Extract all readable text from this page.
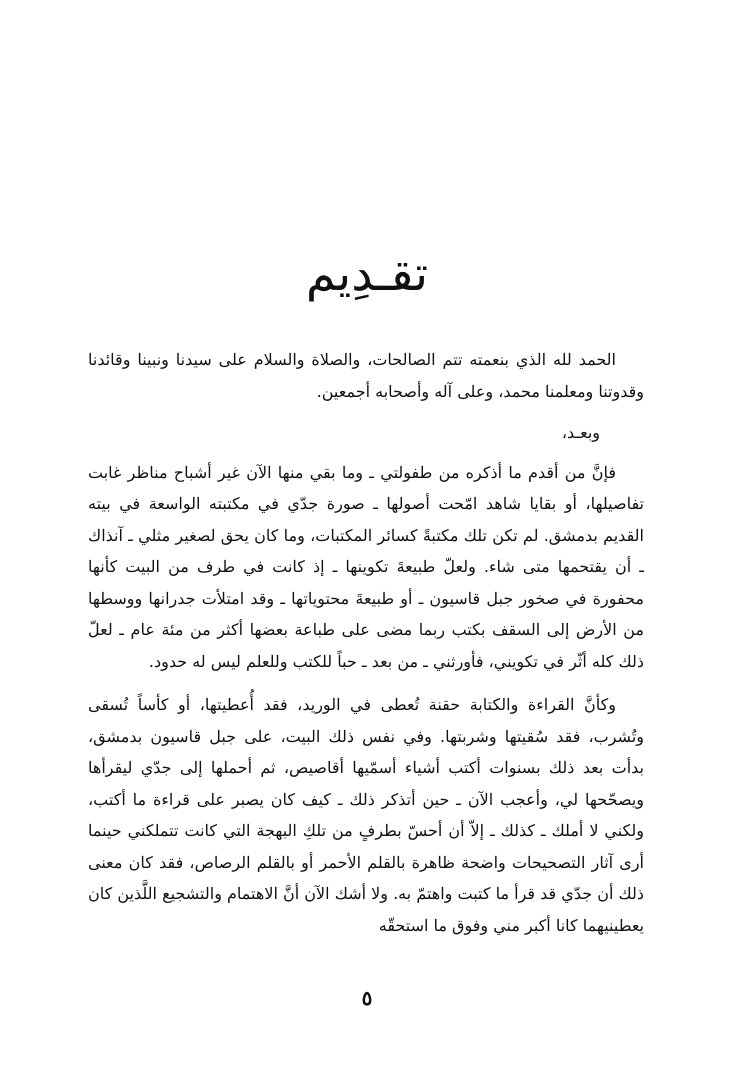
تقـدِيم

الحمد لله الذي بنعمته تتم الصالحات، والصلاة والسلام على سيدنا ونبينا وقائدنا وقدوتنا ومعلمنا محمد، وعلى آله وأصحابه أجمعين.

وبعـد،

فإنَّ من أقدم ما أذكره من طفولتي ـ وما بقي منها الآن غير أشباح مناظر غابت تفاصيلها، أو بقايا شاهد امّحت أصولها ـ صورة جدّي في مكتبته الواسعة في بيته القديم بدمشق. لم تكن تلك مكتبةً كسائر المكتبات، وما كان يحق لصغير مثلي ـ آنذاك ـ أن يقتحمها متى شاء. ولعلّ طبيعةَ تكوينها ـ إذ كانت في طرف من البيت كأنها محفورة في صخور جبل قاسيون ـ أو طبيعةَ محتوياتها ـ وقد امتلأت جدرانها ووسطها من الأرض إلى السقف بكتب ربما مضى على طباعة بعضها أكثر من مئة عام ـ لعلّ ذلك كله أثّر في تكويني، فأورثني ـ من بعد ـ حباً للكتب وللعلم ليس له حدود.

وكأنَّ القراءة والكتابة حقنة تُعطى في الوريد، فقد أُعطيتها، أو كأساً تُسقى وتُشرب، فقد سُقيتها وشربتها. وفي نفس ذلك البيت، على جبل قاسيون بدمشق، بدأت بعد ذلك بسنوات أكتب أشياء أسمّيها أقاصيص، ثم أحملها إلى جدّي ليقرأها ويصحّحها لي، وأعجب الآن ـ حين أتذكر ذلك ـ كيف كان يصبر على قراءة ما أكتب، ولكني لا أملك ـ كذلك ـ إلاّ أن أحسّ بطرفٍ من تلكِ البهجة التي كانت تتملكني حينما أرى آثار التصحيحات واضحة ظاهرة بالقلم الأحمر أو بالقلم الرصاص، فقد كان معنى ذلك أن جدّي قد قرأ ما كتبت واهتمّ به. ولا أشك الآن أنَّ الاهتمام والتشجيع اللَّذين كان يعطينيهما كانا أكبر مني وفوق ما استحقّه

٥
